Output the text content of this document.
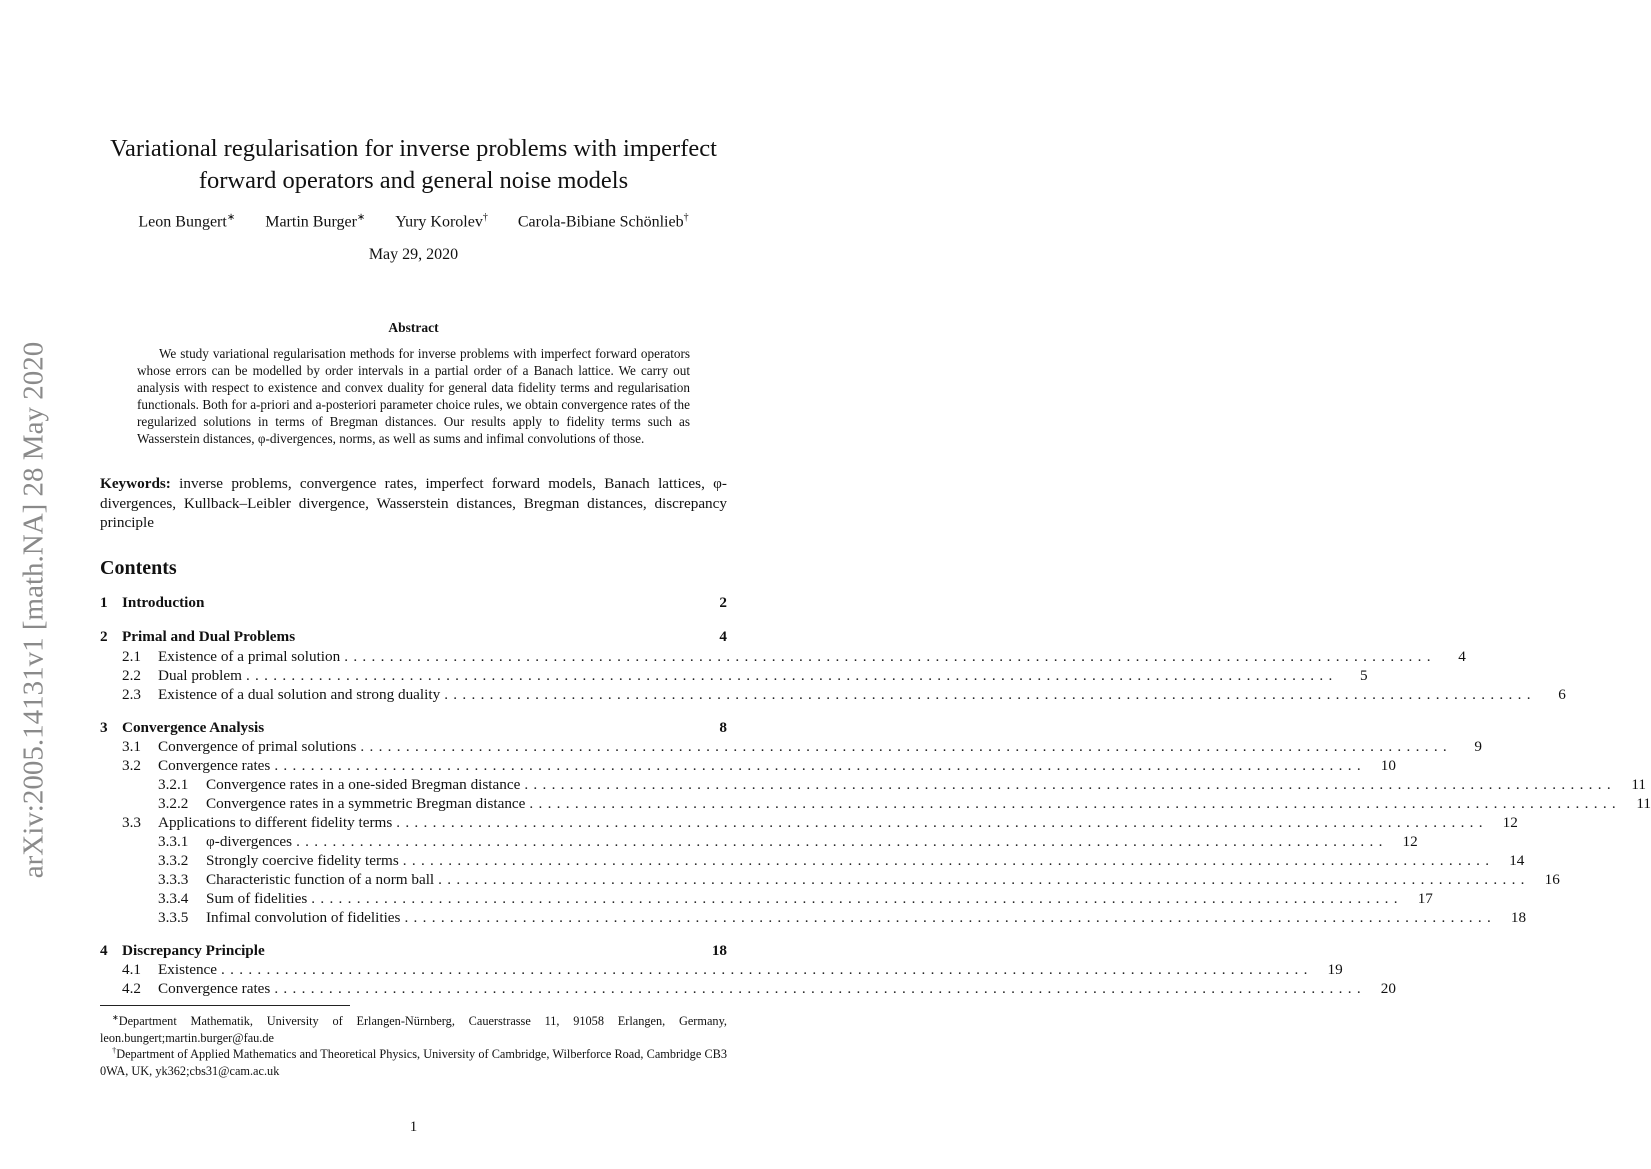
arXiv:2005.14131v1 [math.NA] 28 May 2020
Variational regularisation for inverse problems with imperfect
forward operators and general noise models
Leon Bungert∗ Martin Burger∗ Yury Korolev† Carola-Bibiane Schönlieb†
May 29, 2020
Abstract

We study variational regularisation methods for inverse problems with imperfect forward operators whose errors can be modelled by order intervals in a partial order of a Banach lattice. We carry out analysis with respect to existence and convex duality for general data fidelity terms and regularisation functionals. Both for a-priori and a-posteriori parameter choice rules, we obtain convergence rates of the regularized solutions in terms of Bregman distances. Our results apply to fidelity terms such as Wasserstein distances, φ-divergences, norms, as well as sums and infimal convolutions of those.

Keywords: inverse problems, convergence rates, imperfect forward models, Banach lattices, φ-divergences, Kullback–Leibler divergence, Wasserstein distances, Bregman distances, discrepancy principle

Contents
1 Introduction	2
2 Primal and Dual Problems	4
2.1	Existence of a primal solution ........................................................................................................................	4
2.2	Dual problem ........................................................................................................................	5
2.3	Existence of a dual solution and strong duality ........................................................................................................................	6
3 Convergence Analysis	8
3.1	Convergence of primal solutions ........................................................................................................................	9
3.2	Convergence rates ........................................................................................................................ 10
3.2.1	Convergence rates in a one-sided Bregman distance ........................................................................................................................	11
3.2.2	Convergence rates in a symmetric Bregman distance ........................................................................................................................	11
3.3	Applications to different fidelity terms ........................................................................................................................ 12
3.3.1	φ-divergences ........................................................................................................................ 12
3.3.2	Strongly coercive fidelity terms ........................................................................................................................ 14
3.3.3	Characteristic function of a norm ball ........................................................................................................................ 16
3.3.4	Sum of fidelities ........................................................................................................................ 17
3.3.5	Infimal convolution of fidelities ........................................................................................................................ 18
4 Discrepancy Principle	18
4.1	Existence ........................................................................................................................ 19
4.2	Convergence rates ........................................................................................................................ 20

∗Department Mathematik, University of Erlangen-Nürnberg, Cauerstrasse 11, 91058 Erlangen, Germany, leon.bungert;martin.burger@fau.de

†Department of Applied Mathematics and Theoretical Physics, University of Cambridge, Wilberforce Road, Cambridge CB3 0WA, UK, yk362;cbs31@cam.ac.uk

1
